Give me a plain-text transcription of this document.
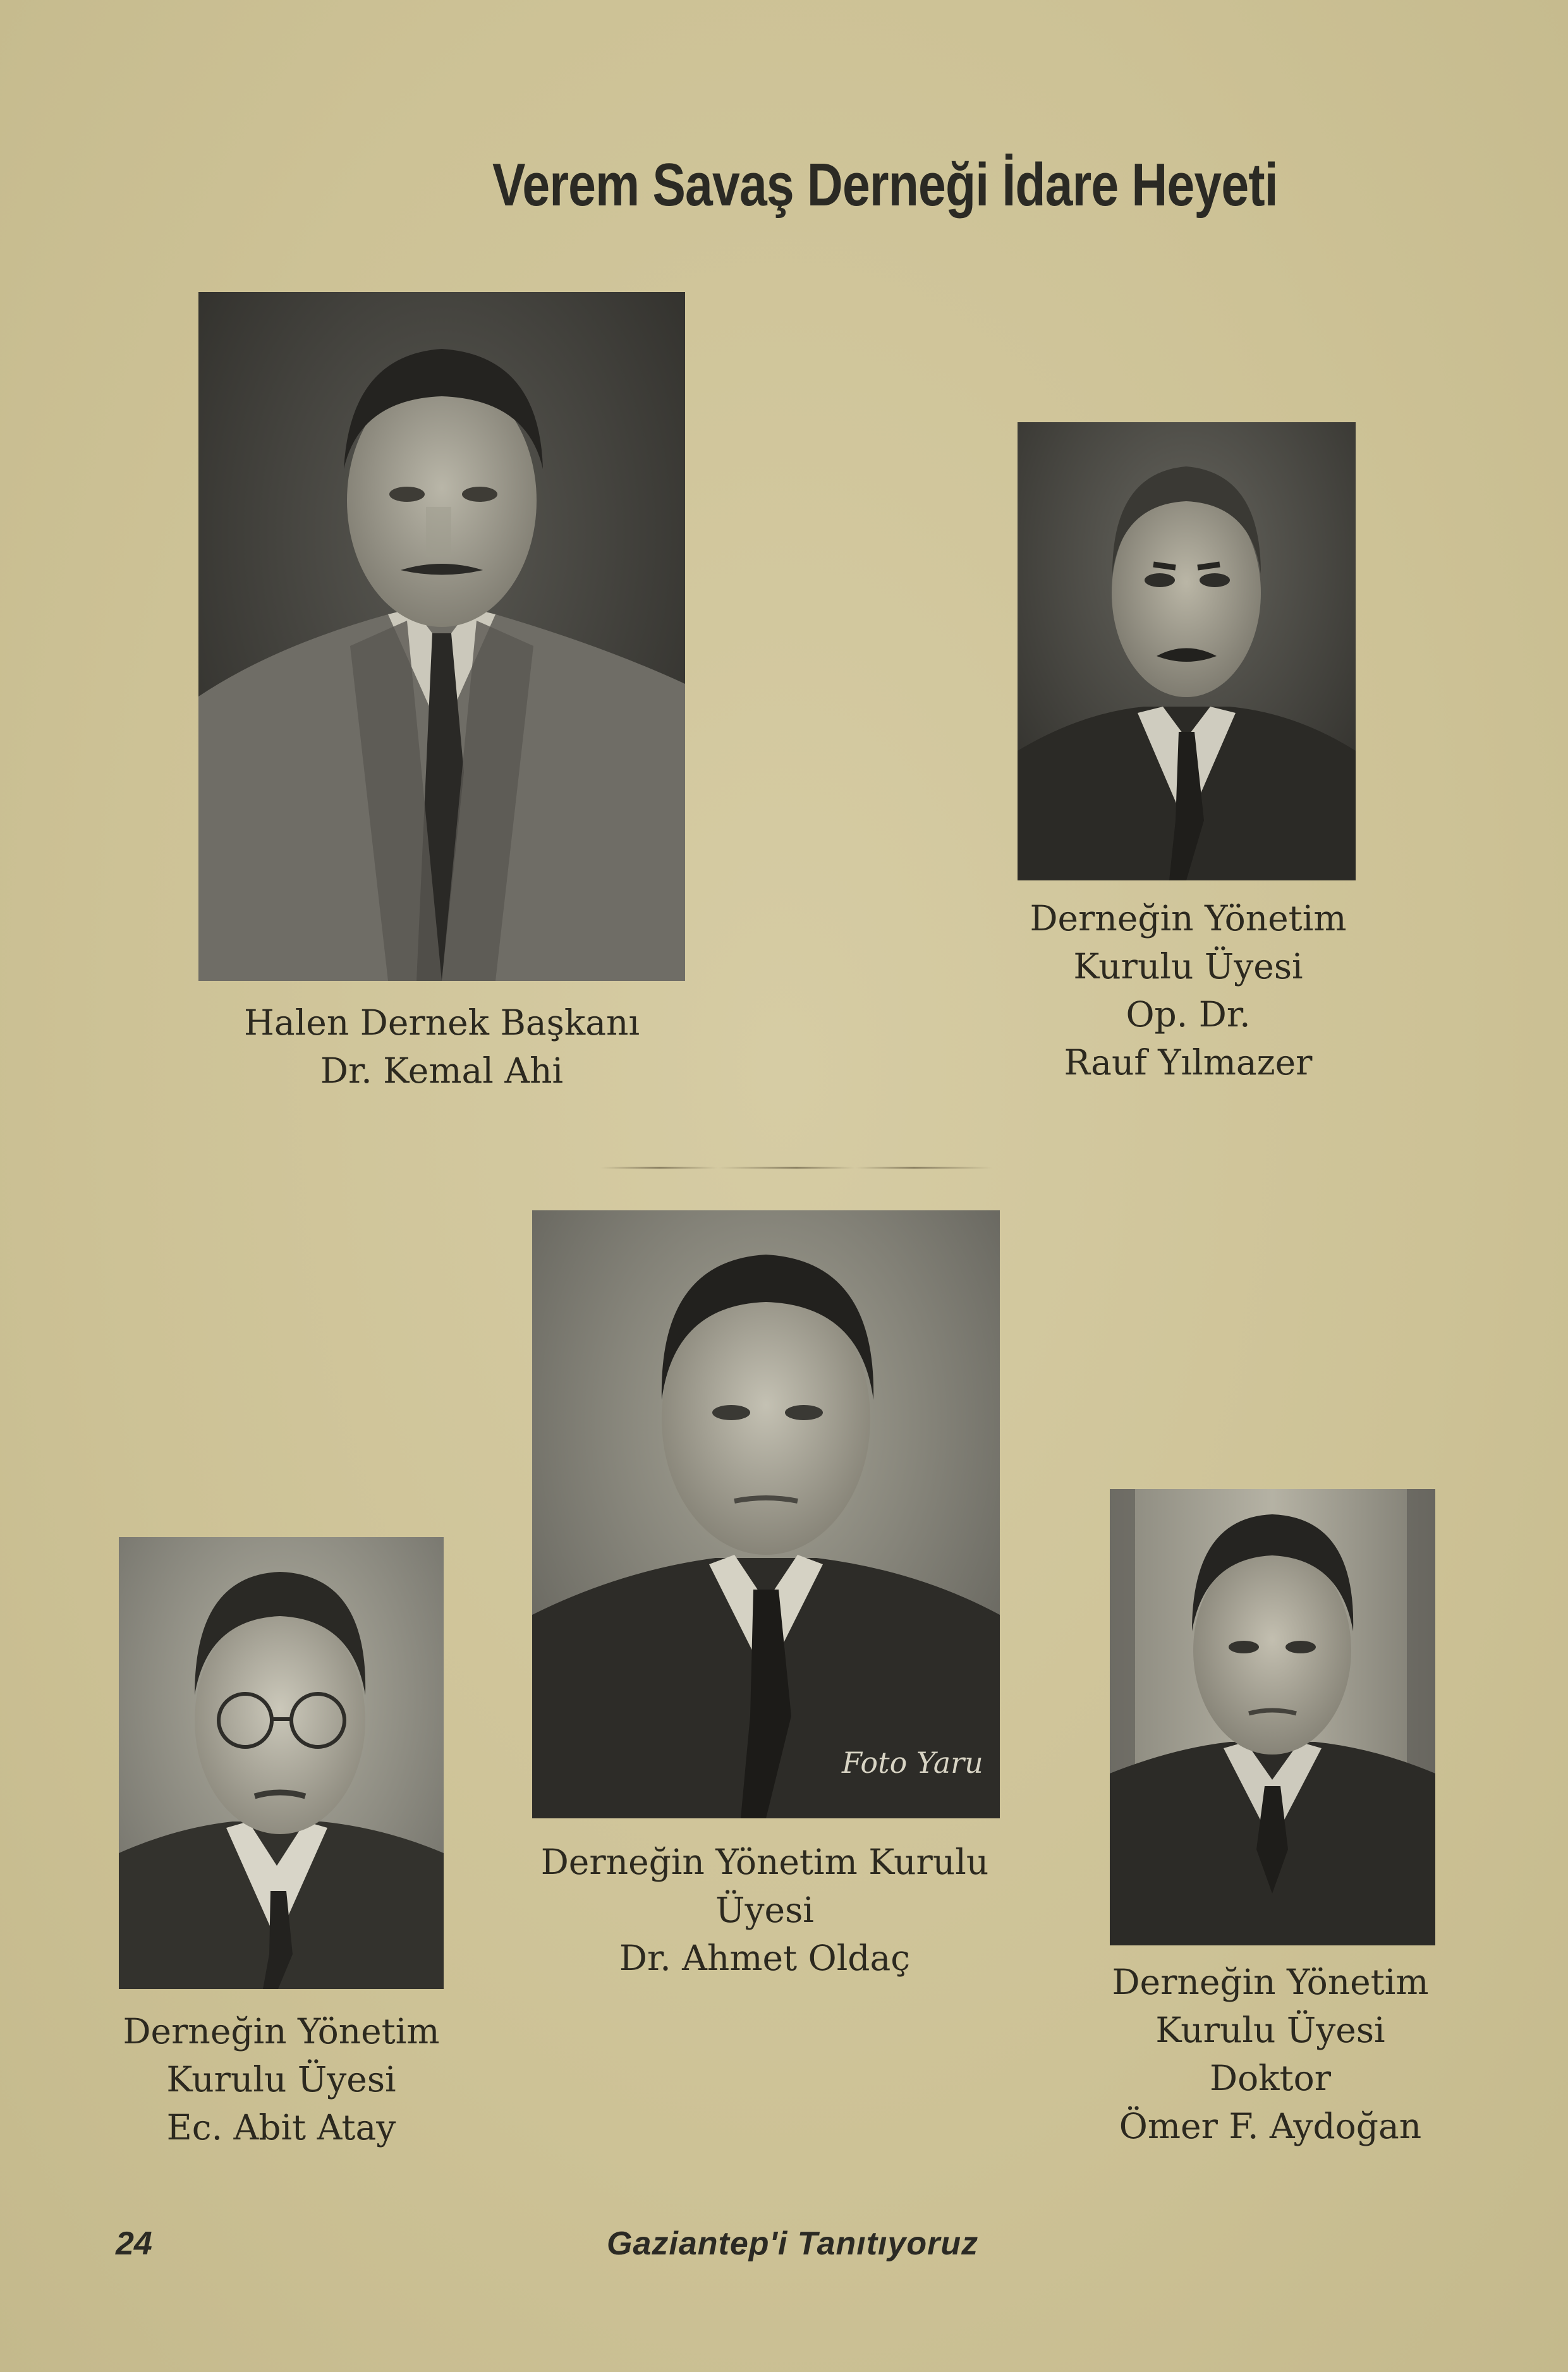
Verem Savaş Derneği İdare Heyeti
Halen Dernek Başkanı
Dr. Kemal Ahi
Derneğin Yönetim
Kurulu Üyesi
Op. Dr.
Rauf Yılmazer
Foto Yaru
Derneğin Yönetim Kurulu
Üyesi
Dr. Ahmet Oldaç
Derneğin Yönetim
Kurulu Üyesi
Ec. Abit Atay
Derneğin Yönetim
Kurulu Üyesi
Doktor
Ömer F. Aydoğan
24	Gaziantep'i Tanıtıyoruz
